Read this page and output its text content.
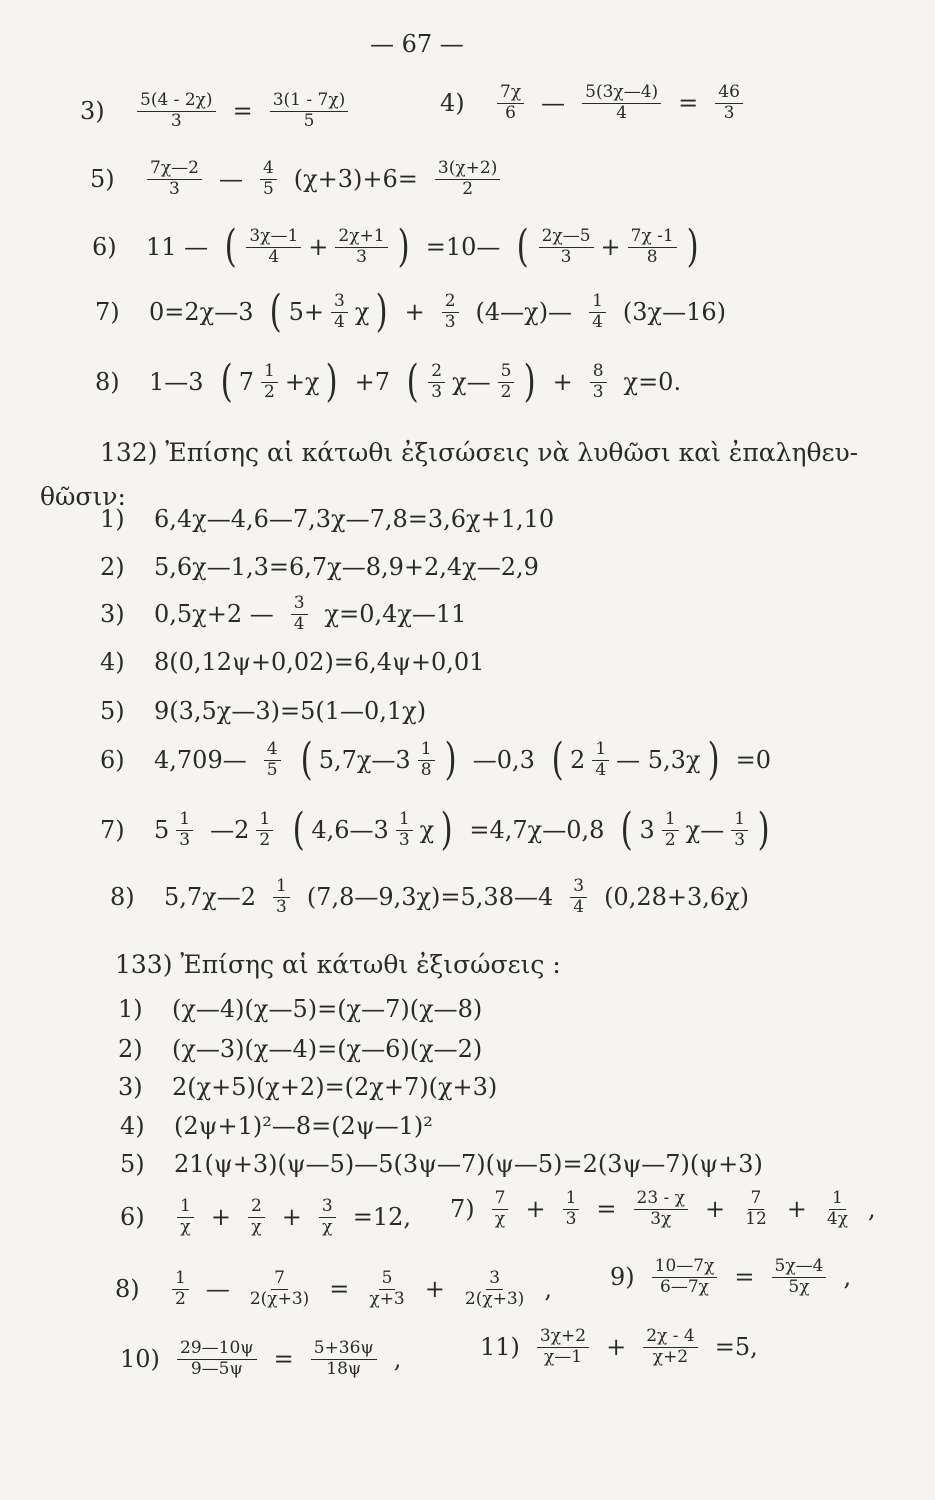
— 67 —
3)	$\frac{5(4 - 2\chi)}{3} = \frac{3(1 - 7\chi)}{5}$	4)	7χ
6 — $\frac{5(3\chi—4)}{4} = \frac{46}{3}$
5)	7χ—2
3 — 4
5 $(\chi+3)+6= \frac{3(\chi+2)}{2}$
6)	11 — ( 3χ—1
$4 + \frac{2\chi+1}{3}$ ) =10— ( 2χ—5
$3 + \frac{7\chi -1}{8}$ )
7)	0=2χ—3 ( $5+ \frac{3}{4}$ χ ) + $\frac{2}{3}$ (4—χ)— 1
4 (3χ—16)
8)	1—3 ( 7 1
2 +χ ) +7 ( 2
3 χ— 5
2 ) + $\frac{8}{3} \chi=0$.
132) Ἐπίσης αἱ κάτωθι ἐξισώσεις νὰ λυθῶσι καὶ ἐπαληθευ-
θῶσιν:
1)	6,4χ—4,6—7,3χ—7,8=3,6χ+1,10
2)	5,6χ—1,3=6,7χ—8,9+2,4χ—2,9
3)	0,5χ+2 — 3
4 χ=0,4χ—11
4)	8(0,12ψ+0,02)=6,4ψ+0,01
5)	9(3,5χ—3)=5(1—0,1χ)
6)	4,709— 4
5 ( 5,7χ—3 1
8 ) —0,3 ( 2 1
4 — 5,3χ ) =0
7)	5 1
3 —2 1
2 ( 4,6—3 1
3 χ ) =4,7χ—0,8 ( 3 1
2 χ— 1
3 )
8)	5,7χ—2 1
3 (7,8—9,3χ)=5,38—4 3
4 (0,28+3,6χ)
133) Ἐπίσης αἱ κάτωθι ἐξισώσεις :
1)	(χ—4)(χ—5)=(χ—7)(χ—8)
2)	(χ—3)(χ—4)=(χ—6)(χ—2)
3)	2(χ+5)(χ+2)=(2χ+7)(χ+3)
4)	(2ψ+1)²—8=(2ψ—1)²
5)	21(ψ+3)(ψ—5)—5(3ψ—7)(ψ—5)=2(3ψ—7)(ψ+3)
6)	1
$\chi + \frac{2}{\chi} + \frac{3}{\chi} =12$, 7) 7
$\chi + \frac{1}{3} = \frac{23 - \chi}{3\chi} + \frac{7}{12} + \frac{1}{4\chi}$ ,
8)	1
2 — $\frac{7}{2(\chi+3)} = \frac{5}{\chi+3} + \frac{3}{2(\chi+3)}$ , $9) \frac{10—7\chi}{6—7\chi} = \frac{5\chi—4}{5\chi}$ ,
$10) \frac{29—10\psi}{9—5\psi} = \frac{5+36\psi}{18\psi}$ ,	11) 3χ+2
χ—1 + $\frac{2\chi - 4}{\chi+2} =5$,
